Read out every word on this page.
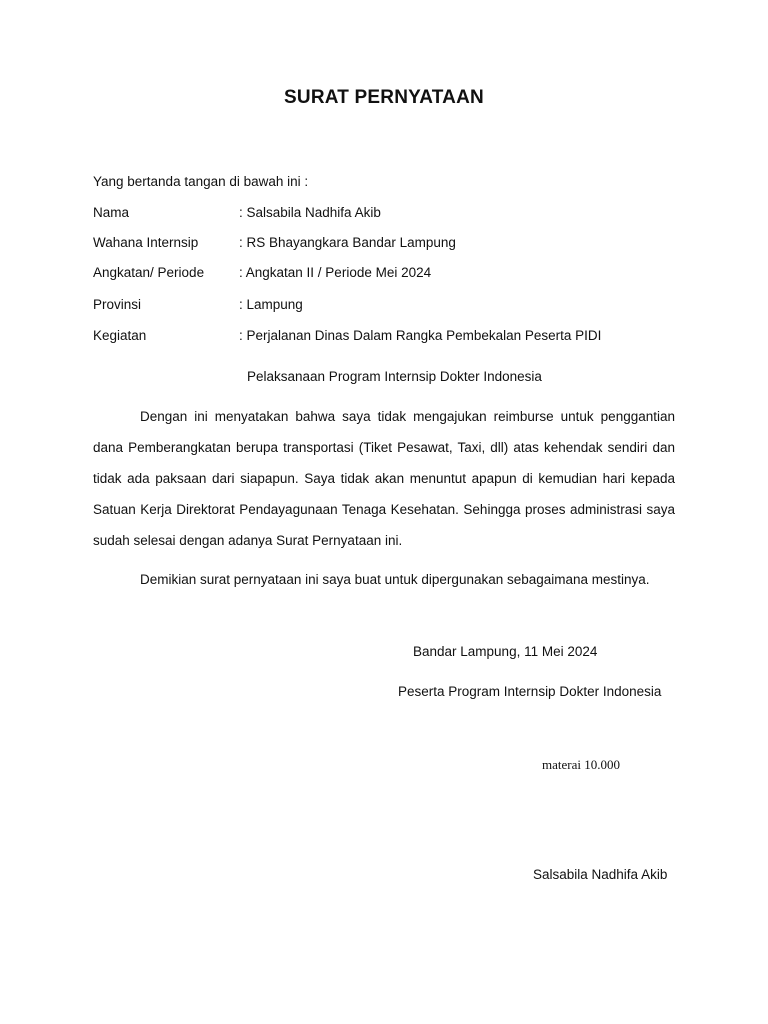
SURAT PERNYATAAN
Yang bertanda tangan di bawah ini :
Nama	: Salsabila Nadhifa Akib
Wahana Internsip	: RS Bhayangkara Bandar Lampung
Angkatan/ Periode	: Angkatan II / Periode Mei 2024
Provinsi	: Lampung
Kegiatan	: Perjalanan Dinas Dalam Rangka Pembekalan Peserta PIDI
Pelaksanaan Program Internsip Dokter Indonesia
Dengan ini menyatakan bahwa saya tidak mengajukan reimburse untuk penggantian dana Pemberangkatan berupa transportasi (Tiket Pesawat, Taxi, dll) atas kehendak sendiri dan tidak ada paksaan dari siapapun. Saya tidak akan menuntut apapun di kemudian hari kepada Satuan Kerja Direktorat Pendayagunaan Tenaga Kesehatan. Sehingga proses administrasi saya sudah selesai dengan adanya Surat Pernyataan ini.
Demikian surat pernyataan ini saya buat untuk dipergunakan sebagaimana mestinya.
Bandar Lampung, 11 Mei 2024
Peserta Program Internsip Dokter Indonesia
materai 10.000
Salsabila Nadhifa Akib
